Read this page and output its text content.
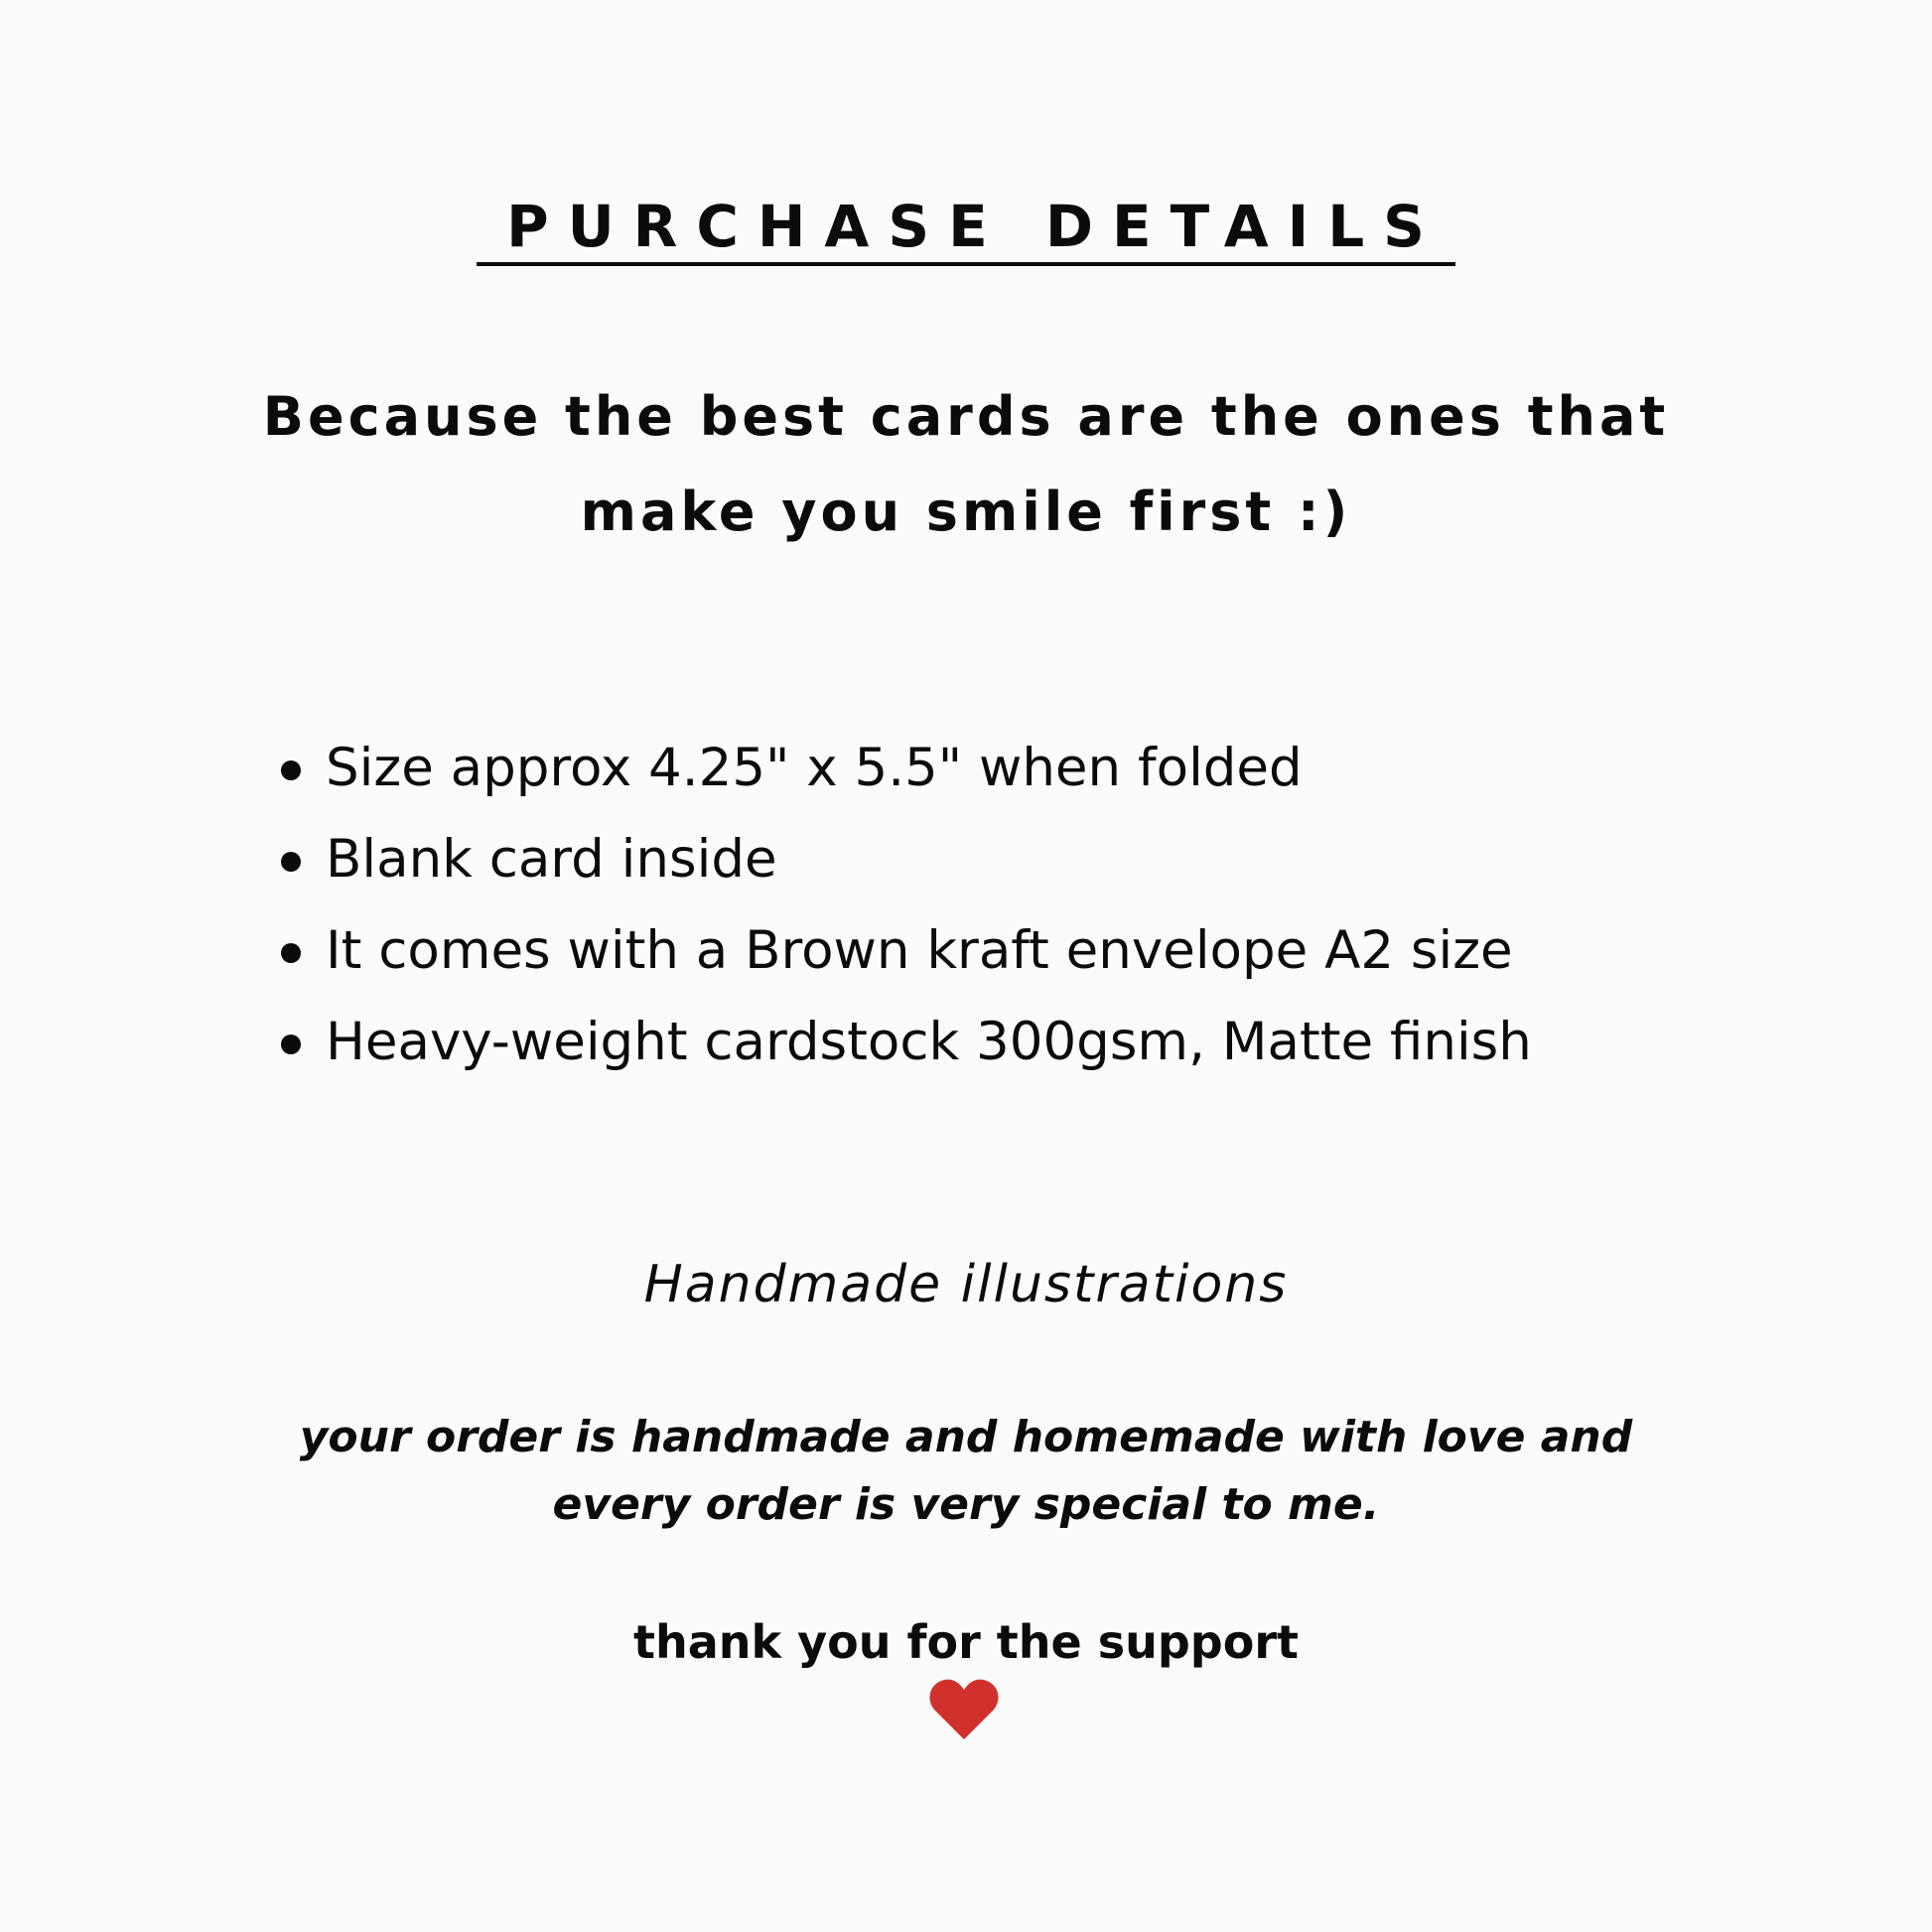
PURCHASE DETAILS

Because the best cards are the ones that
make you smile first :)

Size approx 4.25" x 5.5" when folded
Blank card inside
It comes with a Brown kraft envelope A2 size
Heavy-weight cardstock 300gsm, Matte finish

Handmade illustrations

your order is handmade and homemade with love and
every order is very special to me.

thank you for the support
